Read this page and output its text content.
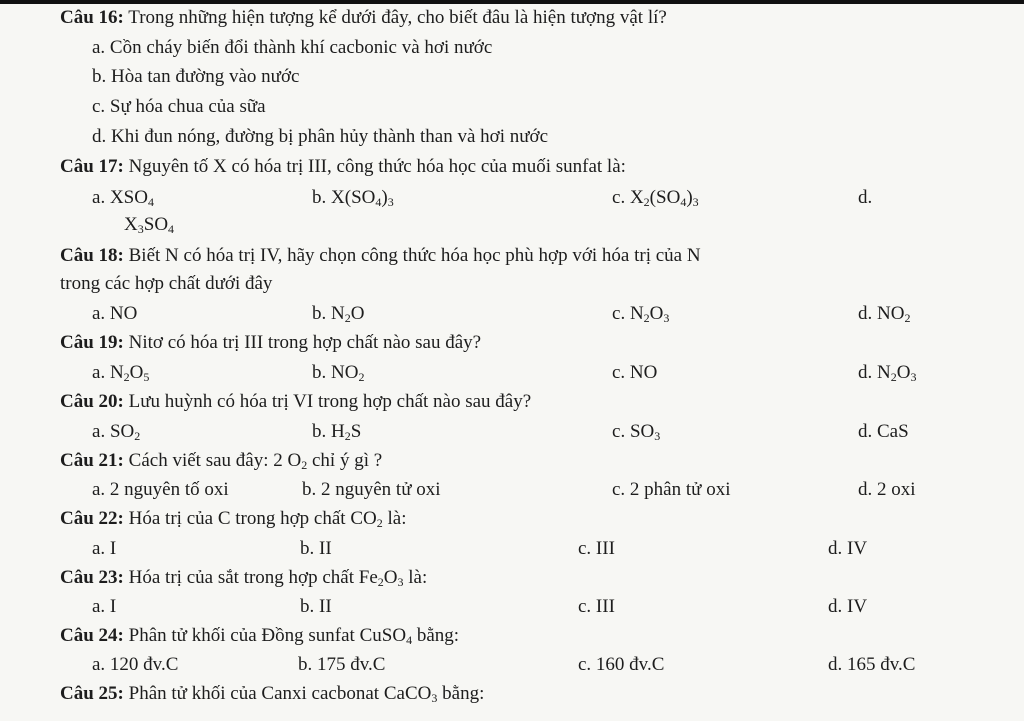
Câu 16: Trong những hiện tượng kể dưới đây, cho biết đâu là hiện tượng vật lí?
a. Cồn cháy biến đổi thành khí cacbonic và hơi nước
b. Hòa tan đường vào nước
c. Sự hóa chua của sữa
d. Khi đun nóng, đường bị phân hủy thành than và hơi nước
Câu 17: Nguyên tố X có hóa trị III, công thức hóa học của muối sunfat là:
a. $XSO_4$	b. $X(SO_4)_3$	c. $X_2(SO_4)_3$	d.
$X_3SO_4$
Câu 18: Biết N có hóa trị IV, hãy chọn công thức hóa học phù hợp với hóa trị của N
trong các hợp chất dưới đây
a. NO	b. $N_2O$	c. $N_2O_3$	d. $NO_2$
Câu 19: Nitơ có hóa trị III trong hợp chất nào sau đây?
a. $N_2O_5$	b. $NO_2$	c. NO	d. $N_2O_3$
Câu 20: Lưu huỳnh có hóa trị VI trong hợp chất nào sau đây?
a. $SO_2$	b. $H_2S$	c. $SO_3$	d. CaS
Câu 21: Cách viết sau đây: 2 $O_2$ chỉ ý gì ?
a. 2 nguyên tố oxi	b. 2 nguyên tử oxi	c. 2 phân tử oxi	d. 2 oxi
Câu 22: Hóa trị của C trong hợp chất $CO_2$ là:
a. I	b. II	c. III	d. IV
Câu 23: Hóa trị của sắt trong hợp chất $Fe_2O_3$ là:
a. I	b. II	c. III	d. IV
Câu 24: Phân tử khối của Đồng sunfat CuSO$_4$ bằng:
a. 120 đv.C	b. 175 đv.C	c. 160 đv.C	d. 165 đv.C
Câu 25: Phân tử khối của Canxi cacbonat CaCO$_3$ bằng:
